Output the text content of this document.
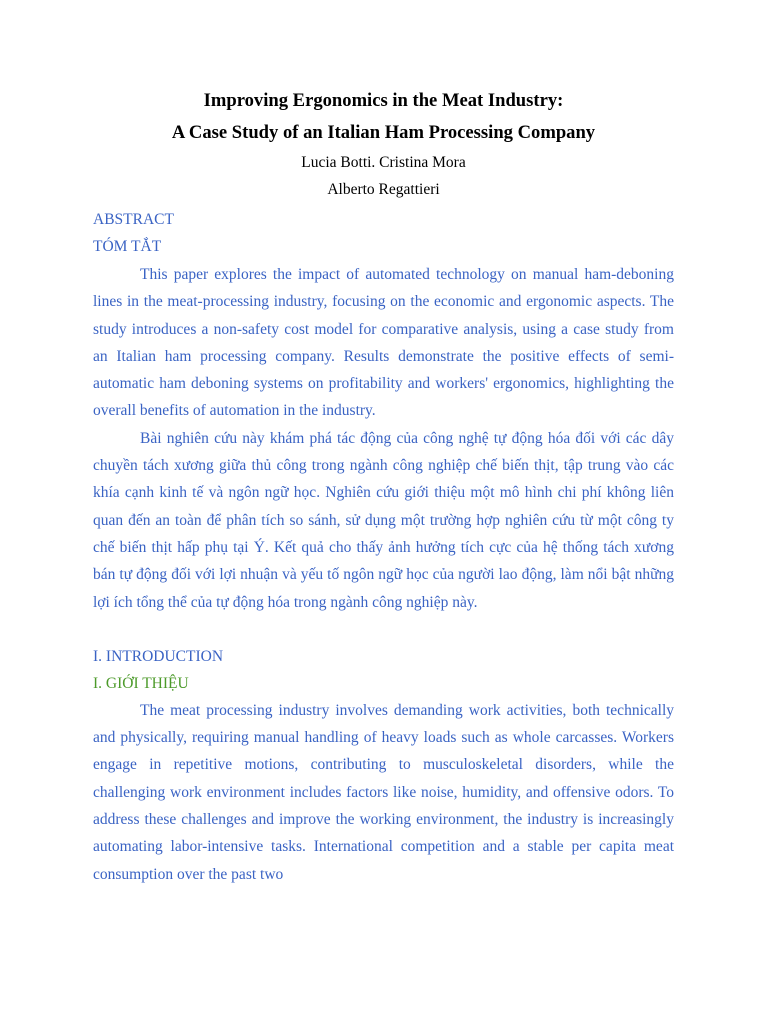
Improving Ergonomics in the Meat Industry:
A Case Study of an Italian Ham Processing Company

Lucia Botti. Cristina Mora

Alberto Regattieri

ABSTRACT

TÓM TẮT

This paper explores the impact of automated technology on manual ham-deboning lines in the meat-processing industry, focusing on the economic and ergonomic aspects. The study introduces a non-safety cost model for comparative analysis, using a case study from an Italian ham processing company. Results demonstrate the positive effects of semi-automatic ham deboning systems on profitability and workers' ergonomics, highlighting the overall benefits of automation in the industry.

Bài nghiên cứu này khám phá tác động của công nghệ tự động hóa đối với các dây chuyền tách xương giữa thủ công trong ngành công nghiệp chế biến thịt, tập trung vào các khía cạnh kinh tế và ngôn ngữ học. Nghiên cứu giới thiệu một mô hình chi phí không liên quan đến an toàn để phân tích so sánh, sử dụng một trường hợp nghiên cứu từ một công ty chế biến thịt hấp phụ tại Ý. Kết quả cho thấy ảnh hưởng tích cực của hệ thống tách xương bán tự động đối với lợi nhuận và yếu tố ngôn ngữ học của người lao động, làm nổi bật những lợi ích tổng thể của tự động hóa trong ngành công nghiệp này.

I. INTRODUCTION

I. GIỚI THIỆU

The meat processing industry involves demanding work activities, both technically and physically, requiring manual handling of heavy loads such as whole carcasses. Workers engage in repetitive motions, contributing to musculoskeletal disorders, while the challenging work environment includes factors like noise, humidity, and offensive odors. To address these challenges and improve the working environment, the industry is increasingly automating labor-intensive tasks. International competition and a stable per capita meat consumption over the past two
